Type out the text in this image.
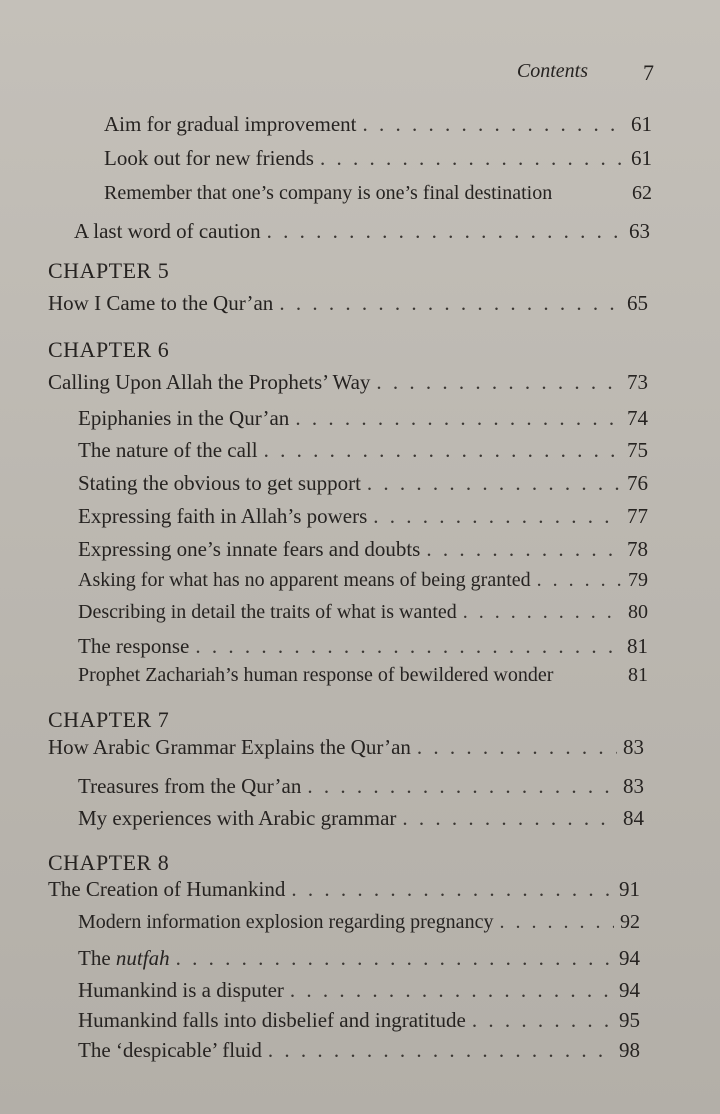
Contents	7
Aim for gradual improvement . . .	61
Look out for new friends . . .	61
Remember that one’s company is one’s final destination	62
A last word of caution . . .	63
CHAPTER 5
How I Came to the Qur’an . . .	65
CHAPTER 6
Calling Upon Allah the Prophets’ Way . . .	73
Epiphanies in the Qur’an . . .	74
The nature of the call . . .	75
Stating the obvious to get support . . .	76
Expressing faith in Allah’s powers . . .	77
Expressing one’s innate fears and doubts . . .	78
Asking for what has no apparent means of being granted . . .	79
Describing in detail the traits of what is wanted . . .	80
The response . . .	81
Prophet Zachariah’s human response of bewildered wonder	81
CHAPTER 7
How Arabic Grammar Explains the Qur’an . . .	83
Treasures from the Qur’an . . .	83
My experiences with Arabic grammar . . .	84
CHAPTER 8
The Creation of Humankind . . .	91
Modern information explosion regarding pregnancy . . .	92
The nutfah . . .	94
Humankind is a disputer . . .	94
Humankind falls into disbelief and ingratitude . . .	95
The ‘despicable’ fluid . . .	98
